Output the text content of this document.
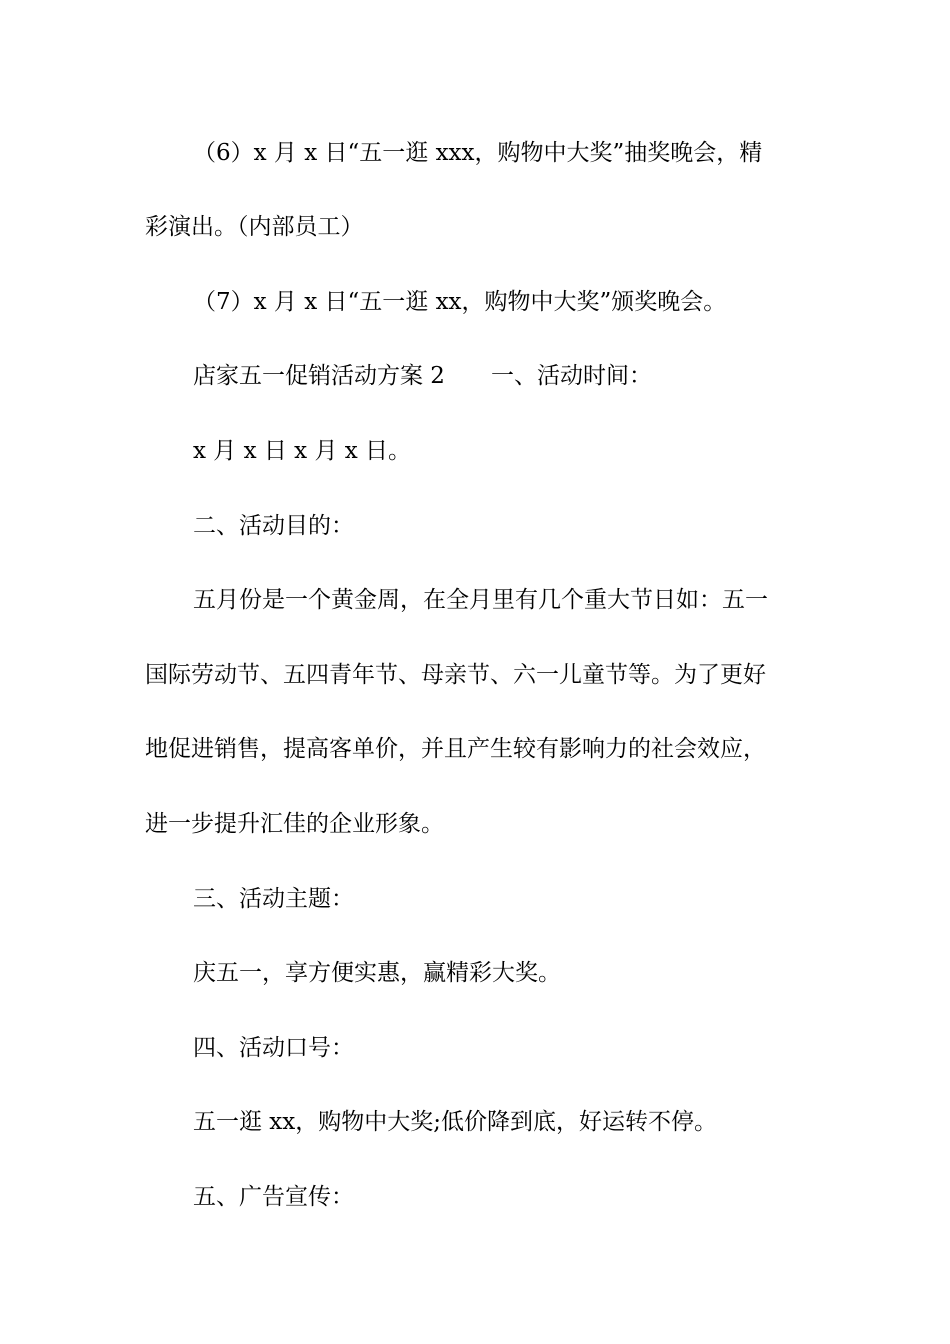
（6）x 月 x 日“五一逛 xxx，购物中大奖”抽奖晚会，精
彩演出。（内部员工）
（7）x 月 x 日“五一逛 xx，购物中大奖”颁奖晚会。
店家五一促销活动方案 2 一、活动时间：
x 月 x 日 x 月 x 日。
二、活动目的：
五月份是一个黄金周，在全月里有几个重大节日如：五一
国际劳动节、五四青年节、母亲节、六一儿童节等。为了更好
地促进销售，提高客单价，并且产生较有影响力的社会效应，
进一步提升汇佳的企业形象。
三、活动主题：
庆五一，享方便实惠，赢精彩大奖。
四、活动口号：
五一逛 xx，购物中大奖;低价降到底，好运转不停。
五、广告宣传：
